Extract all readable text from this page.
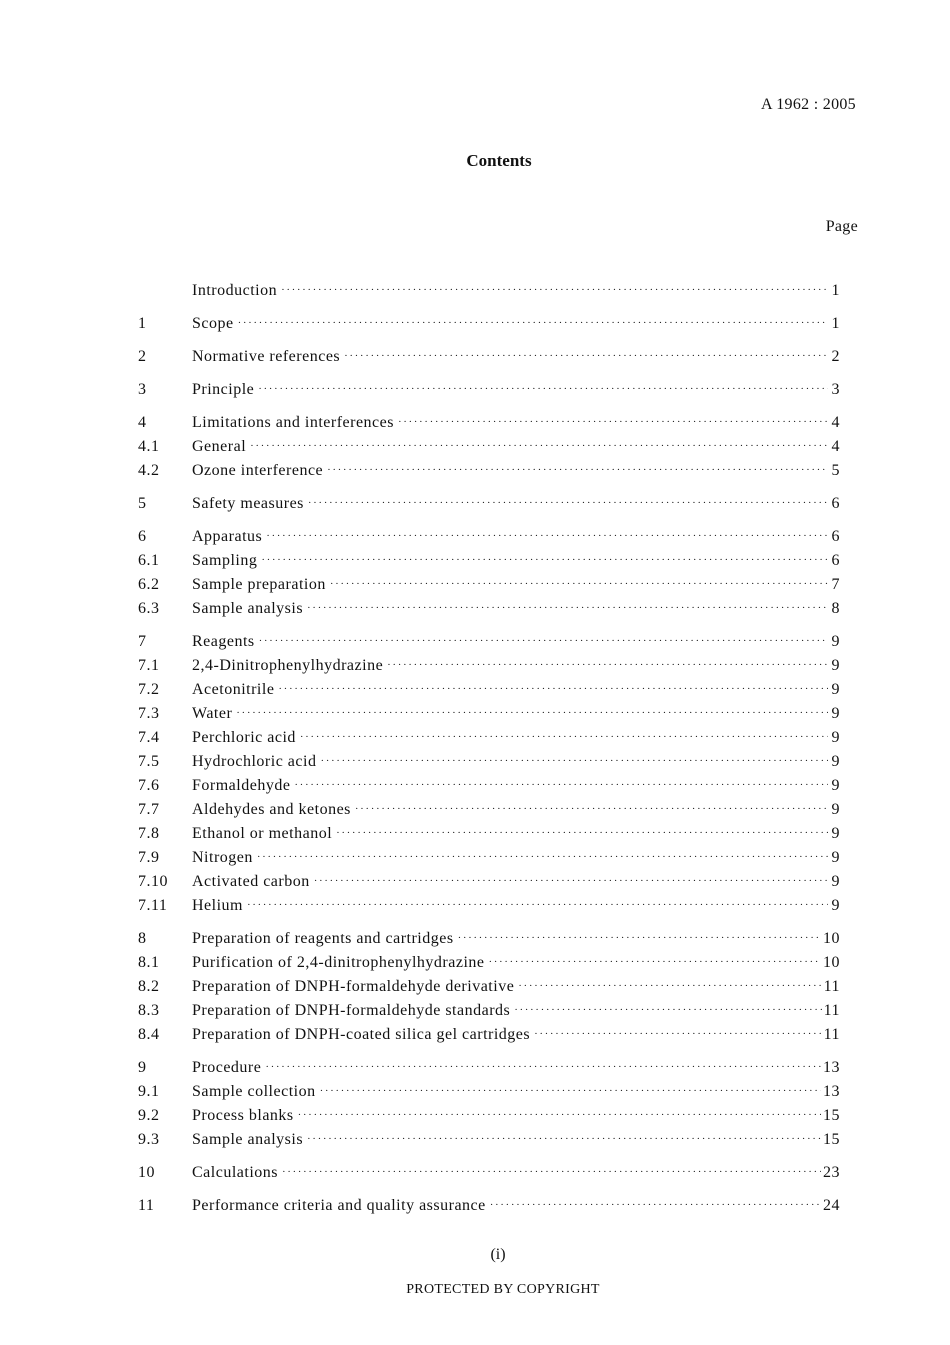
A 1962 : 2005
Contents
Page
Introduction ·····	1
1	Scope ·····	1
2	Normative references ·····	2
3	Principle ·····	3
4	Limitations and interferences ·····	4
4.1	General ·····	4
4.2	Ozone interference ·····	5
5	Safety measures ·····	6
6	Apparatus ·····	6
6.1	Sampling ·····	6
6.2	Sample preparation ·····	7
6.3	Sample analysis ·····	8
7	Reagents ·····	9
7.1	2,4-Dinitrophenylhydrazine ·····	9
7.2	Acetonitrile ·····	9
7.3	Water ·····	9
7.4	Perchloric acid ·····	9
7.5	Hydrochloric acid ·····	9
7.6	Formaldehyde ·····	9
7.7	Aldehydes and ketones ·····	9
7.8	Ethanol or methanol ·····	9
7.9	Nitrogen ·····	9
7.10	Activated carbon ·····	9
7.11	Helium ·····	9
8	Preparation of reagents and cartridges ·····	10
8.1	Purification of 2,4-dinitrophenylhydrazine ·····	10
8.2	Preparation of DNPH-formaldehyde derivative ·····	11
8.3	Preparation of DNPH-formaldehyde standards ·····	11
8.4	Preparation of DNPH-coated silica gel cartridges ·····	11
9	Procedure ·····	13
9.1	Sample collection ·····	13
9.2	Process blanks ·····	15
9.3	Sample analysis ·····	15
10	Calculations ·····	23
11	Performance criteria and quality assurance ·····	24
(i)
PROTECTED BY COPYRIGHT
